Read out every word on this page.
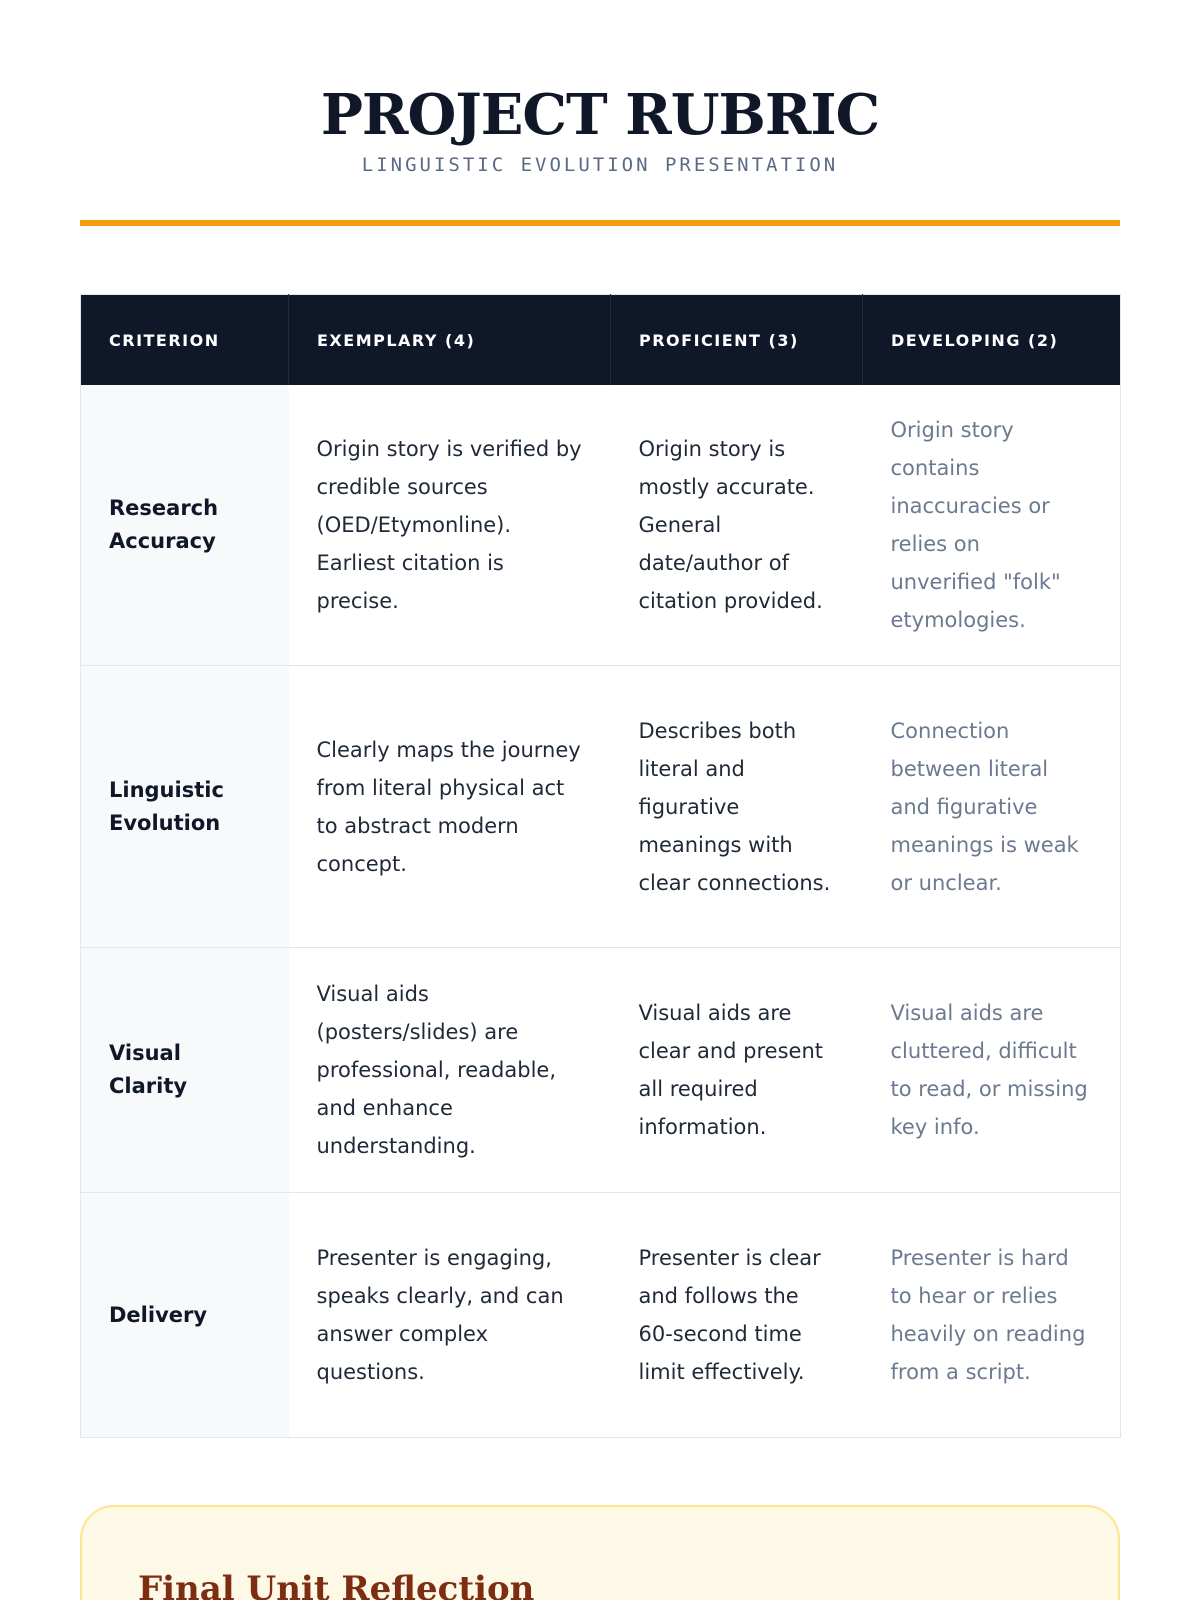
PROJECT RUBRIC
LINGUISTIC EVOLUTION PRESENTATION
CRITERION	EXEMPLARY (4)	PROFICIENT (3)	DEVELOPING (2)
Research Accuracy	Origin story is verified by credible sources (OED/Etymonline). Earliest citation is precise.	Origin story is mostly accurate. General date/author of citation provided.	Origin story contains inaccuracies or relies on unverified "folk" etymologies.
Linguistic Evolution	Clearly maps the journey from literal physical act to abstract modern concept.	Describes both literal and figurative meanings with clear connections.	Connection between literal and figurative meanings is weak or unclear.
Visual Clarity	Visual aids (posters/slides) are professional, readable, and enhance understanding.	Visual aids are clear and present all required information.	Visual aids are cluttered, difficult to read, or missing key info.
Delivery	Presenter is engaging, speaks clearly, and can answer complex questions.	Presenter is clear and follows the 60-second time limit effectively.	Presenter is hard to hear or relies heavily on reading from a script.
Final Unit Reflection
